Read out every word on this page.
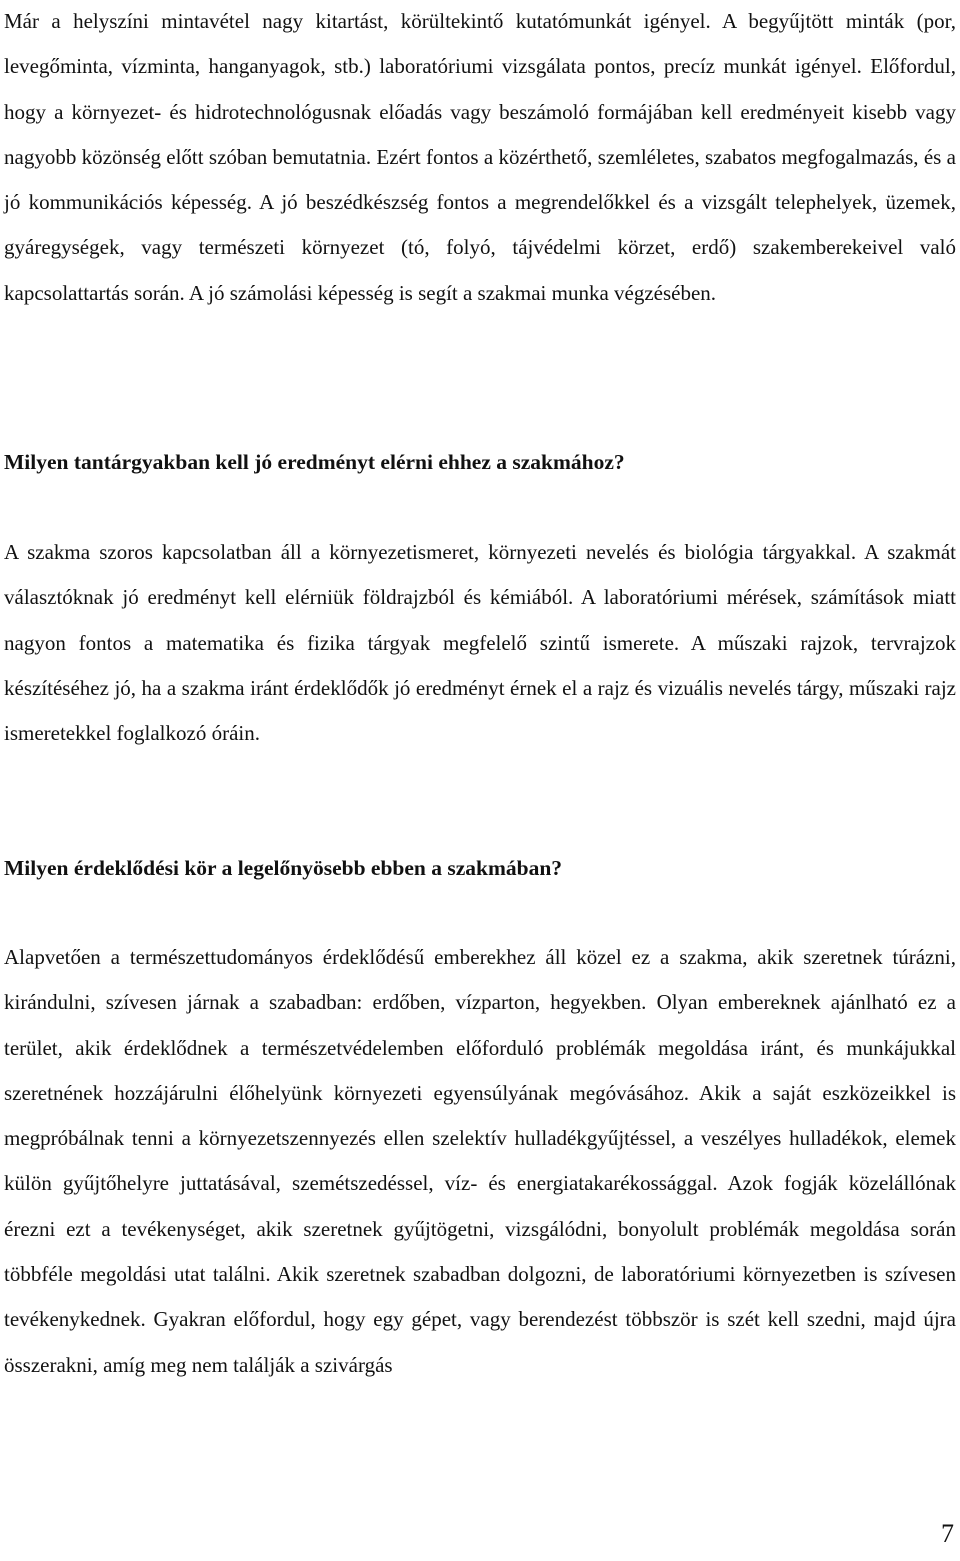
Már a helyszíni mintavétel nagy kitartást, körültekintő kutatómunkát igényel. A begyűjtött minták (por, levegőminta, vízminta, hanganyagok, stb.) laboratóriumi vizsgálata pontos, precíz munkát igényel. Előfordul, hogy a környezet- és hidrotechnológusnak előadás vagy beszámoló formájában kell eredményeit kisebb vagy nagyobb közönség előtt szóban bemutatnia. Ezért fontos a közérthető, szemléletes, szabatos megfogalmazás, és a jó kommunikációs képesség. A jó beszédkészség fontos a megrendelőkkel és a vizsgált telephelyek, üzemek, gyáregységek, vagy természeti környezet (tó, folyó, tájvédelmi körzet, erdő) szakemberekeivel való kapcsolattartás során. A jó számolási képesség is segít a szakmai munka végzésében.

Milyen tantárgyakban kell jó eredményt elérni ehhez a szakmához?

A szakma szoros kapcsolatban áll a környezetismeret, környezeti nevelés és biológia tárgyakkal. A szakmát választóknak jó eredményt kell elérniük földrajzból és kémiából. A laboratóriumi mérések, számítások miatt nagyon fontos a matematika és fizika tárgyak megfelelő szintű ismerete. A műszaki rajzok, tervrajzok készítéséhez jó, ha a szakma iránt érdeklődők jó eredményt érnek el a rajz és vizuális nevelés tárgy, műszaki rajz ismeretekkel foglalkozó óráin.

Milyen érdeklődési kör a legelőnyösebb ebben a szakmában?

Alapvetően a természettudományos érdeklődésű emberekhez áll közel ez a szakma, akik szeretnek túrázni, kirándulni, szívesen járnak a szabadban: erdőben, vízparton, hegyekben. Olyan embereknek ajánlható ez a terület, akik érdeklődnek a természetvédelemben előforduló problémák megoldása iránt, és munkájukkal szeretnének hozzájárulni élőhelyünk környezeti egyensúlyának megóvásához. Akik a saját eszközeikkel is megpróbálnak tenni a környezetszennyezés ellen szelektív hulladékgyűjtéssel, a veszélyes hulladékok, elemek külön gyűjtőhelyre juttatásával, szemétszedéssel, víz- és energiatakarékossággal. Azok fogják közelállónak érezni ezt a tevékenységet, akik szeretnek gyűjtögetni, vizsgálódni, bonyolult problémák megoldása során többféle megoldási utat találni. Akik szeretnek szabadban dolgozni, de laboratóriumi környezetben is szívesen tevékenykednek. Gyakran előfordul, hogy egy gépet, vagy berendezést többször is szét kell szedni, majd újra összerakni, amíg meg nem találják a szivárgás

7
